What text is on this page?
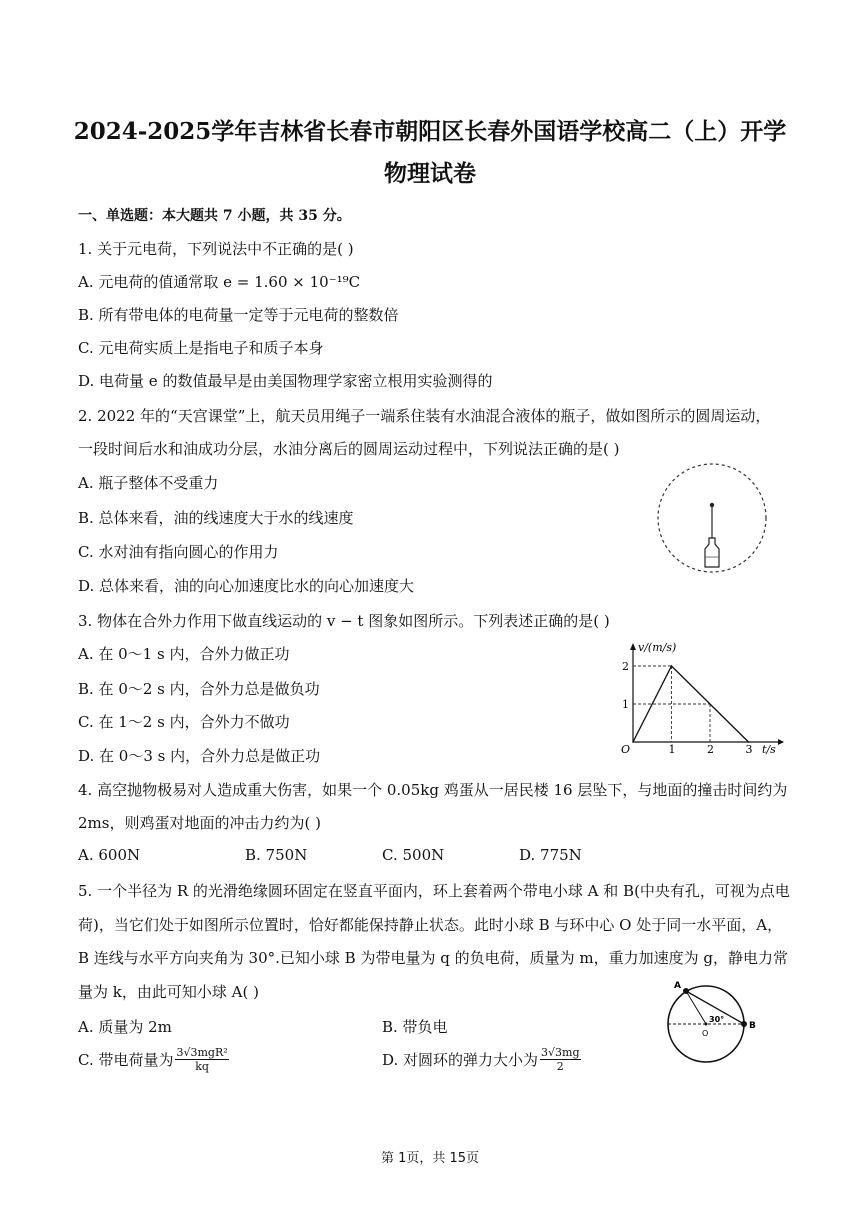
2024-2025学年吉林省长春市朝阳区长春外国语学校高二（上）开学
物理试卷
一、单选题：本大题共 7 小题，共 35 分。
1. 关于元电荷，下列说法中不正确的是( )
A. 元电荷的值通常取 e = 1.60 × 10⁻¹⁹C
B. 所有带电体的电荷量一定等于元电荷的整数倍
C. 元电荷实质上是指电子和质子本身
D. 电荷量 e 的数值最早是由美国物理学家密立根用实验测得的
2. 2022 年的“天宫课堂”上，航天员用绳子一端系住装有水油混合液体的瓶子，做如图所示的圆周运动，
一段时间后水和油成功分层，水油分离后的圆周运动过程中，下列说法正确的是( )
A. 瓶子整体不受重力
B. 总体来看，油的线速度大于水的线速度
C. 水对油有指向圆心的作用力
D. 总体来看，油的向心加速度比水的向心加速度大
3. 物体在合外力作用下做直线运动的 v − t 图象如图所示。下列表述正确的是( )
A. 在 0～1 s 内，合外力做正功
B. 在 0～2 s 内，合外力总是做负功
C. 在 1～2 s 内，合外力不做功
D. 在 0～3 s 内，合外力总是做正功
v/(m/s)
t/s
O	1	2	3
1
2
4. 高空抛物极易对人造成重大伤害，如果一个 0.05kg 鸡蛋从一居民楼 16 层坠下，与地面的撞击时间约为
2ms，则鸡蛋对地面的冲击力约为( )
A. 600N	B. 750N	C. 500N	D. 775N
5. 一个半径为 R 的光滑绝缘圆环固定在竖直平面内，环上套着两个带电小球 A 和 B(中央有孔，可视为点电
荷)，当它们处于如图所示位置时，恰好都能保持静止状态。此时小球 B 与环中心 O 处于同一水平面，A，
B 连线与水平方向夹角为 30°.已知小球 B 为带电量为 q 的负电荷，质量为 m，重力加速度为 g，静电力常
量为 k，由此可知小球 A( )
A. 质量为 2m	B. 带负电
C. 带电荷量为 3√3mgR²
kq	D. 对圆环的弹力大小为 $\frac{3√3mg}{2}$
A
B
O
30°
第 1页，共 15页
